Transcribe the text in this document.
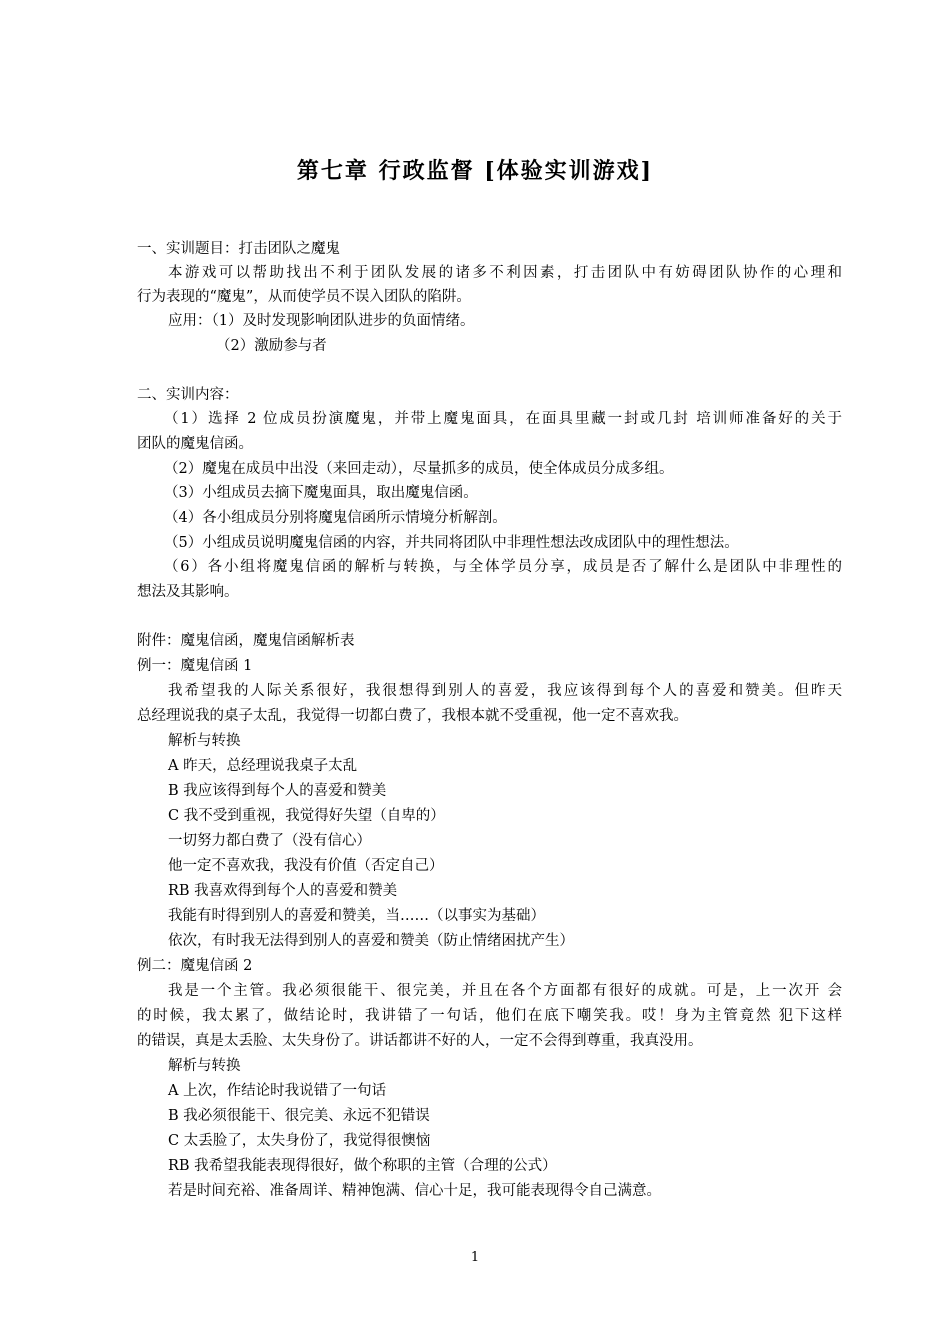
第七章 行政监督 [体验实训游戏]
一、实训题目：打击团队之魔鬼
本游戏可以帮助找出不利于团队发展的诸多不利因素，打击团队中有妨碍团队协作的心理和
行为表现的“魔鬼”，从而使学员不误入团队的陷阱。
应用：（1）及时发现影响团队进步的负面情绪。
（2）激励参与者
二、实训内容：
（1）选择 2 位成员扮演魔鬼，并带上魔鬼面具，在面具里藏一封或几封 培训师准备好的关于
团队的魔鬼信函。
（2）魔鬼在成员中出没（来回走动），尽量抓多的成员，使全体成员分成多组。
（3）小组成员去摘下魔鬼面具，取出魔鬼信函。
（4）各小组成员分别将魔鬼信函所示情境分析解剖。
（5）小组成员说明魔鬼信函的内容，并共同将团队中非理性想法改成团队中的理性想法。
（6）各小组将魔鬼信函的解析与转换，与全体学员分享，成员是否了解什么是团队中非理性的
想法及其影响。
附件：魔鬼信函，魔鬼信函解析表
例一：魔鬼信函 1
我希望我的人际关系很好，我很想得到别人的喜爱，我应该得到每个人的喜爱和赞美。但昨天
总经理说我的桌子太乱，我觉得一切都白费了，我根本就不受重视，他一定不喜欢我。
解析与转换
A 昨天，总经理说我桌子太乱
B 我应该得到每个人的喜爱和赞美
C 我不受到重视，我觉得好失望（自卑的）
一切努力都白费了（没有信心）
他一定不喜欢我，我没有价值（否定自己）
RB 我喜欢得到每个人的喜爱和赞美
我能有时得到别人的喜爱和赞美，当……（以事实为基础）
依次，有时我无法得到别人的喜爱和赞美（防止情绪困扰产生）
例二：魔鬼信函 2
我是一个主管。我必须很能干、很完美，并且在各个方面都有很好的成就。可是，上一次开 会
的时候，我太累了，做结论时，我讲错了一句话，他们在底下嘲笑我。哎！身为主管竟然 犯下这样
的错误，真是太丢脸、太失身份了。讲话都讲不好的人，一定不会得到尊重，我真没用。
解析与转换
A 上次，作结论时我说错了一句话
B 我必须很能干、很完美、永远不犯错误
C 太丢脸了，太失身份了，我觉得很懊恼
RB 我希望我能表现得很好，做个称职的主管（合理的公式）
若是时间充裕、准备周详、精神饱满、信心十足，我可能表现得令自己满意。
1
